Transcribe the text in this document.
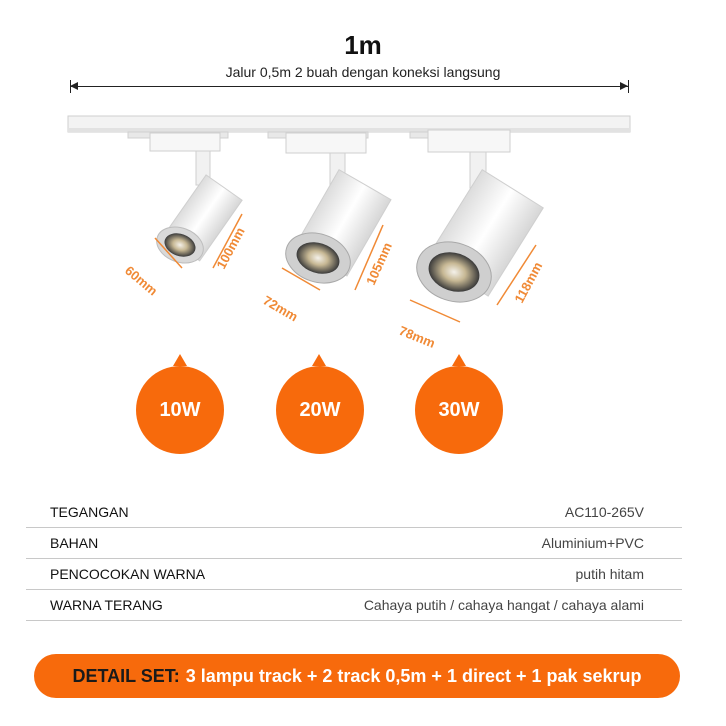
1m
Jalur 0,5m 2 buah dengan koneksi langsung
100mm
60mm	105mm
72mm
118mm
78mm
10W	20W	30W
TEGANGAN	AC110-265V
BAHAN	Aluminium+PVC
PENCOCOKAN WARNA	putih hitam
WARNA TERANG	Cahaya putih / cahaya hangat / cahaya alami
DETAIL SET: 3 lampu track + 2 track 0,5m + 1 direct + 1 pak sekrup
